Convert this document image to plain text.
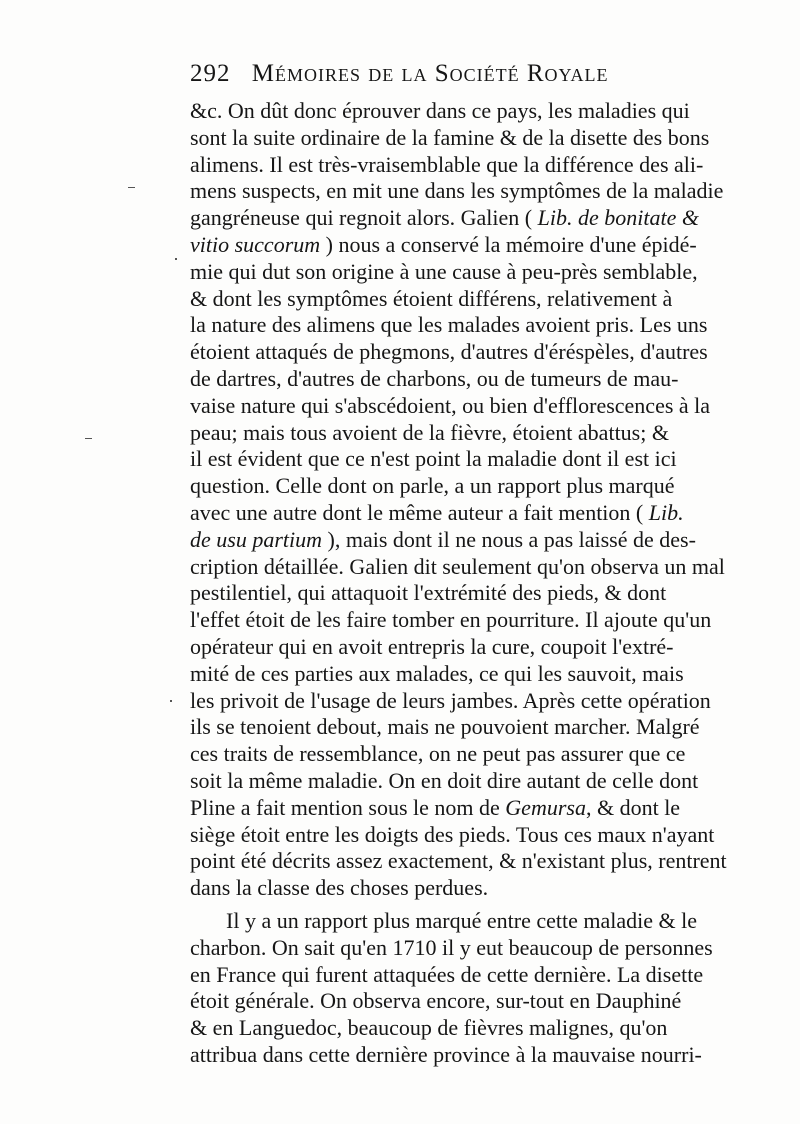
292 Mémoires de la Société Royale
&c. On dût donc éprouver dans ce pays, les maladies qui
sont la suite ordinaire de la famine & de la disette des bons
alimens. Il est très-vraisemblable que la différence des ali-
mens suspects, en mit une dans les symptômes de la maladie
gangréneuse qui regnoit alors. Galien ( Lib. de bonitate &
vitio succorum ) nous a conservé la mémoire d'une épidé-
mie qui dut son origine à une cause à peu-près semblable,
& dont les symptômes étoient différens, relativement à
la nature des alimens que les malades avoient pris. Les uns
étoient attaqués de phegmons, d'autres d'éréspèles, d'autres
de dartres, d'autres de charbons, ou de tumeurs de mau-
vaise nature qui s'abscédoient, ou bien d'efflorescences à la
peau; mais tous avoient de la fièvre, étoient abattus; &
il est évident que ce n'est point la maladie dont il est ici
question. Celle dont on parle, a un rapport plus marqué
avec une autre dont le même auteur a fait mention ( Lib.
de usu partium ), mais dont il ne nous a pas laissé de des-
cription détaillée. Galien dit seulement qu'on observa un mal
pestilentiel, qui attaquoit l'extrémité des pieds, & dont
l'effet étoit de les faire tomber en pourriture. Il ajoute qu'un
opérateur qui en avoit entrepris la cure, coupoit l'extré-
mité de ces parties aux malades, ce qui les sauvoit, mais
les privoit de l'usage de leurs jambes. Après cette opération
ils se tenoient debout, mais ne pouvoient marcher. Malgré
ces traits de ressemblance, on ne peut pas assurer que ce
soit la même maladie. On en doit dire autant de celle dont
Pline a fait mention sous le nom de Gemursa, & dont le
siège étoit entre les doigts des pieds. Tous ces maux n'ayant
point été décrits assez exactement, & n'existant plus, rentrent
dans la classe des choses perdues.
Il y a un rapport plus marqué entre cette maladie & le
charbon. On sait qu'en 1710 il y eut beaucoup de personnes
en France qui furent attaquées de cette dernière. La disette
étoit générale. On observa encore, sur-tout en Dauphiné
& en Languedoc, beaucoup de fièvres malignes, qu'on
attribua dans cette dernière province à la mauvaise nourri-
